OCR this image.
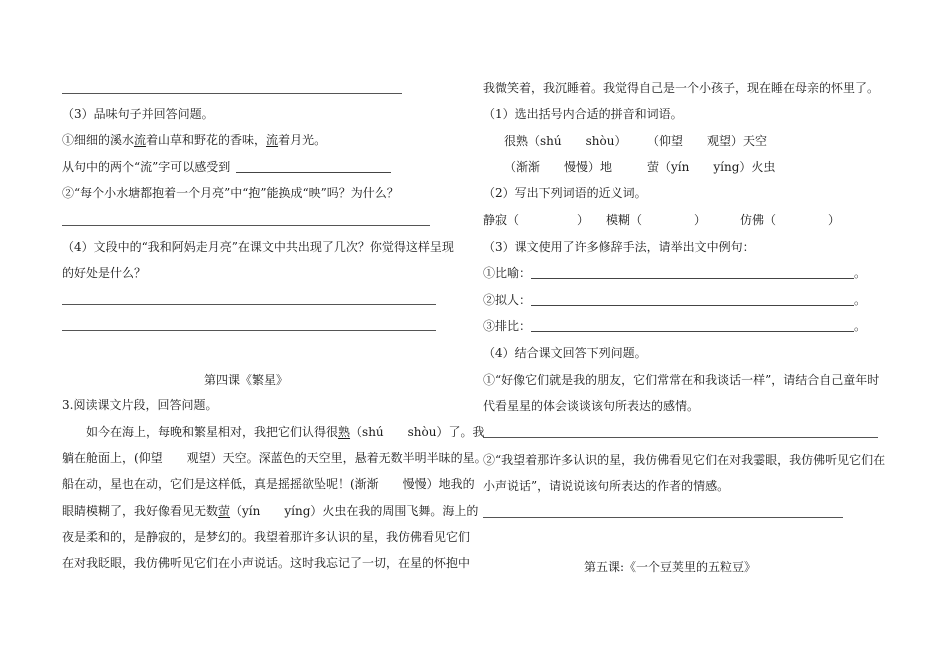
（3）品味句子并回答问题。
①细细的溪水流着山草和野花的香味，流着月光。
从句中的两个“流”字可以感受到
②“每个小水塘都抱着一个月亮”中“抱”能换成“映”吗？为什么？
（4）文段中的“我和阿妈走月亮”在课文中共出现了几次？你觉得这样呈现
的好处是什么？
第四课《繁星》
3.阅读课文片段，回答问题。
如今在海上，每晚和繁星相对，我把它们认得很熟（shú　　shòu）了。我
躺在舱面上，(仰望　　观望）天空。深蓝色的天空里，悬着无数半明半昧的星。
船在动，星也在动，它们是这样低，真是摇摇欲坠呢！(渐渐　　慢慢）地我的
眼睛模糊了，我好像看见无数萤（yín　　yíng）火虫在我的周围飞舞。海上的
夜是柔和的，是静寂的，是梦幻的。我望着那许多认识的星，我仿佛看见它们
在对我眨眼，我仿佛听见它们在小声说话。这时我忘记了一切，在星的怀抱中
我微笑着，我沉睡着。我觉得自己是一个小孩子，现在睡在母亲的怀里了。
（1）选出括号内合适的拼音和词语。
很熟（shú　　shòu） （仰望　　观望）天空
（渐渐　　慢慢）地	萤（yín　　yíng）火虫
（2）写出下列词语的近义词。
静寂（	） 模糊（	）	仿佛（	）
（3）课文使用了许多修辞手法，请举出文中例句：
①比喻：	。
②拟人：	。
③排比：	。
（4）结合课文回答下列问题。
①“好像它们就是我的朋友，它们常常在和我谈话一样”，请结合自己童年时
代看星星的体会谈谈该句所表达的感情。
②“我望着那许多认识的星，我仿佛看见它们在对我霎眼，我仿佛听见它们在
小声说话”，请说说该句所表达的作者的情感。
第五课:《一个豆荚里的五粒豆》
